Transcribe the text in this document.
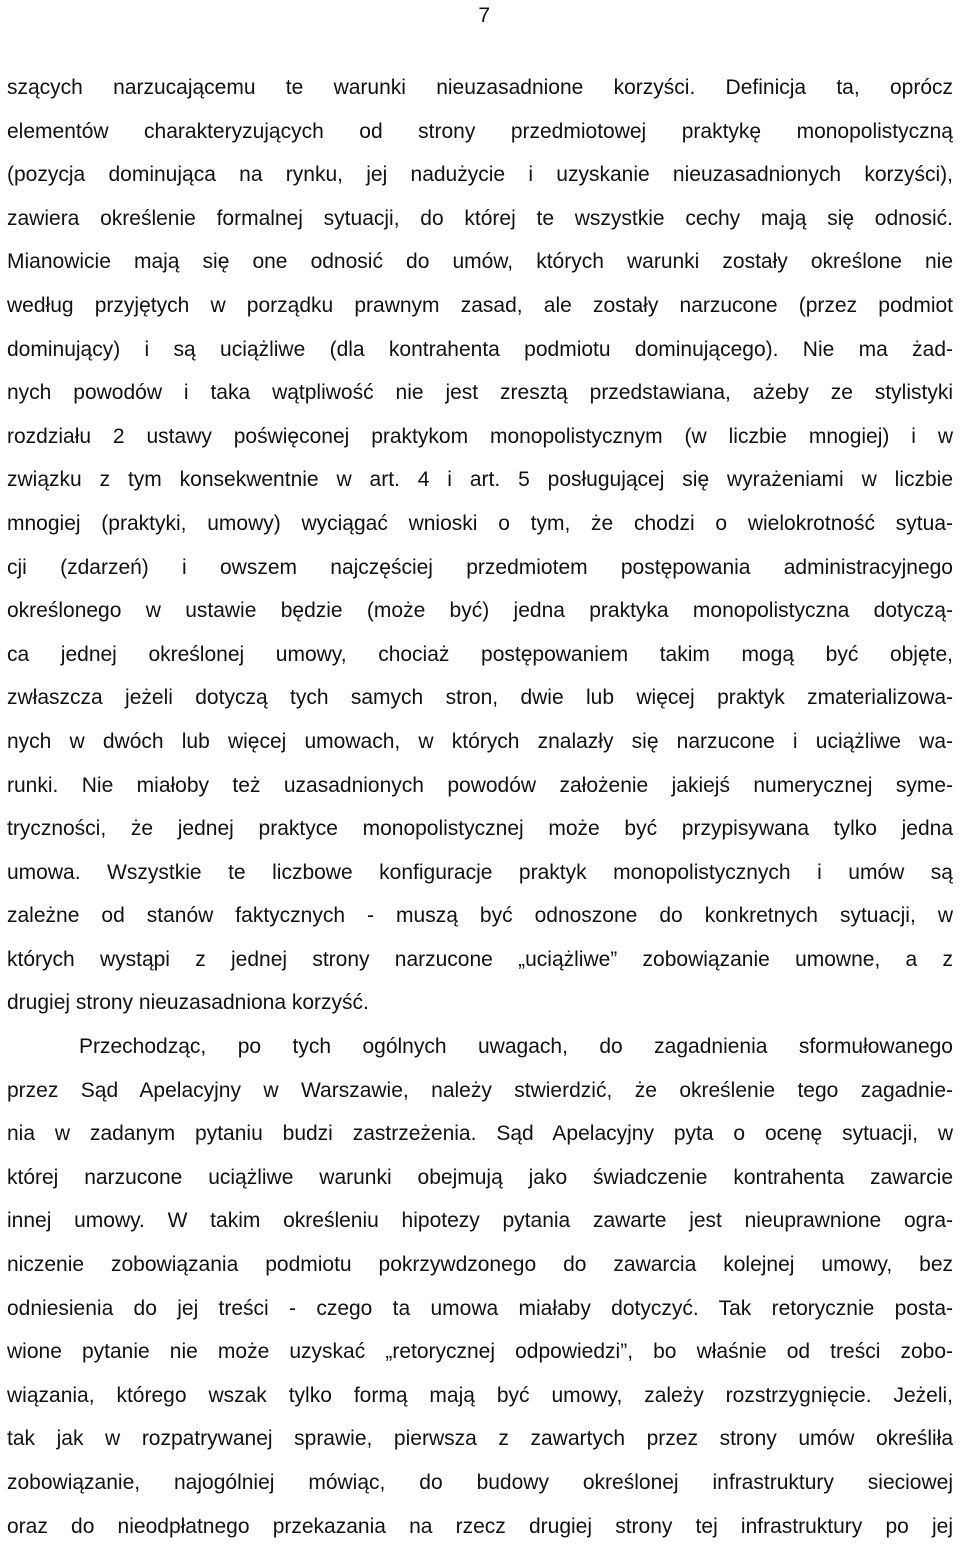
7
szących narzucającemu te warunki nieuzasadnione korzyści. Definicja ta, oprócz
elementów charakteryzujących od strony przedmiotowej praktykę monopolistyczną
(pozycja dominująca na rynku, jej nadużycie i uzyskanie nieuzasadnionych korzyści),
zawiera określenie formalnej sytuacji, do której te wszystkie cechy mają się odnosić.
Mianowicie mają się one odnosić do umów, których warunki zostały określone nie
według przyjętych w porządku prawnym zasad, ale zostały narzucone (przez podmiot
dominujący) i są uciążliwe (dla kontrahenta podmiotu dominującego). Nie ma żad-
nych powodów i taka wątpliwość nie jest zresztą przedstawiana, ażeby ze stylistyki
rozdziału 2 ustawy poświęconej praktykom monopolistycznym (w liczbie mnogiej) i w
związku z tym konsekwentnie w art. 4 i art. 5 posługującej się wyrażeniami w liczbie
mnogiej (praktyki, umowy) wyciągać wnioski o tym, że chodzi o wielokrotność sytua-
cji (zdarzeń) i owszem najczęściej przedmiotem postępowania administracyjnego
określonego w ustawie będzie (może być) jedna praktyka monopolistyczna dotyczą-
ca jednej określonej umowy, chociaż postępowaniem takim mogą być objęte,
zwłaszcza jeżeli dotyczą tych samych stron, dwie lub więcej praktyk zmaterializowa-
nych w dwóch lub więcej umowach, w których znalazły się narzucone i uciążliwe wa-
runki. Nie miałoby też uzasadnionych powodów założenie jakiejś numerycznej syme-
tryczności, że jednej praktyce monopolistycznej może być przypisywana tylko jedna
umowa. Wszystkie te liczbowe konfiguracje praktyk monopolistycznych i umów są
zależne od stanów faktycznych - muszą być odnoszone do konkretnych sytuacji, w
których wystąpi z jednej strony narzucone „uciążliwe” zobowiązanie umowne, a z
drugiej strony nieuzasadniona korzyść.
Przechodząc, po tych ogólnych uwagach, do zagadnienia sformułowanego
przez Sąd Apelacyjny w Warszawie, należy stwierdzić, że określenie tego zagadnie-
nia w zadanym pytaniu budzi zastrzeżenia. Sąd Apelacyjny pyta o ocenę sytuacji, w
której narzucone uciążliwe warunki obejmują jako świadczenie kontrahenta zawarcie
innej umowy. W takim określeniu hipotezy pytania zawarte jest nieuprawnione ogra-
niczenie zobowiązania podmiotu pokrzywdzonego do zawarcia kolejnej umowy, bez
odniesienia do jej treści - czego ta umowa miałaby dotyczyć. Tak retorycznie posta-
wione pytanie nie może uzyskać „retorycznej odpowiedzi”, bo właśnie od treści zobo-
wiązania, którego wszak tylko formą mają być umowy, zależy rozstrzygnięcie. Jeżeli,
tak jak w rozpatrywanej sprawie, pierwsza z zawartych przez strony umów określiła
zobowiązanie, najogólniej mówiąc, do budowy określonej infrastruktury sieciowej
oraz do nieodpłatnego przekazania na rzecz drugiej strony tej infrastruktury po jej
